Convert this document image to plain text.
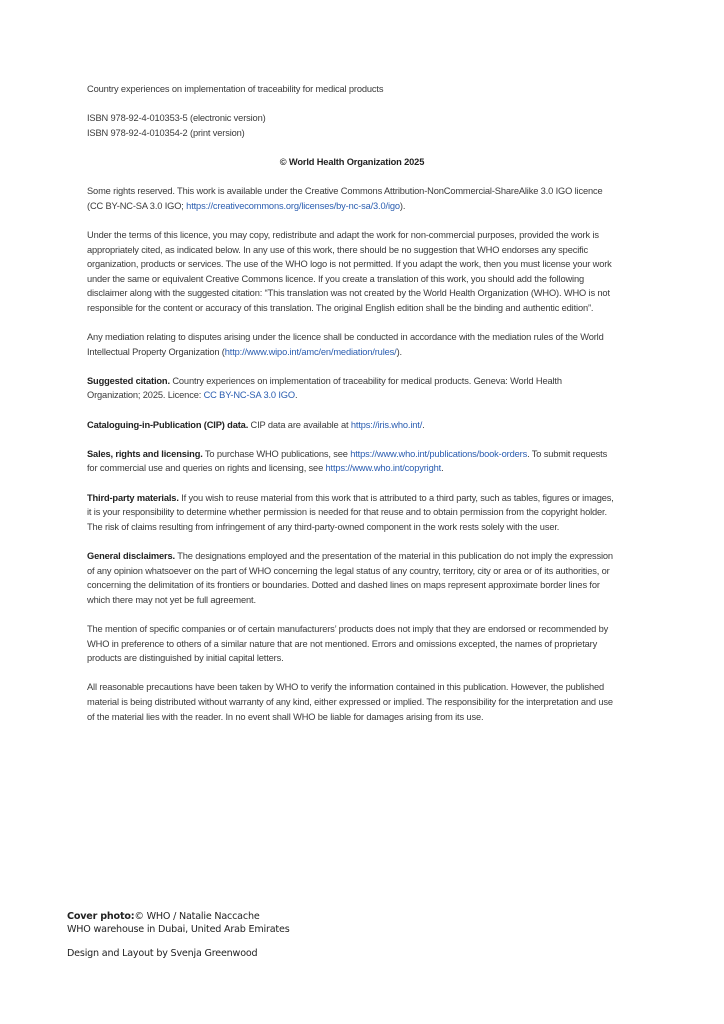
Country experiences on implementation of traceability for medical products

ISBN 978-92-4-010353-5 (electronic version)

ISBN 978-92-4-010354-2 (print version)

© World Health Organization 2025

Some rights reserved. This work is available under the Creative Commons Attribution-NonCommercial-ShareAlike 3.0 IGO licence (CC BY-NC-SA 3.0 IGO; https://creativecommons.org/licenses/by-nc-sa/3.0/igo).

Under the terms of this licence, you may copy, redistribute and adapt the work for non-commercial purposes, provided the work is appropriately cited, as indicated below. In any use of this work, there should be no suggestion that WHO endorses any specific organization, products or services. The use of the WHO logo is not permitted. If you adapt the work, then you must license your work under the same or equivalent Creative Commons licence. If you create a translation of this work, you should add the following disclaimer along with the suggested citation: “This translation was not created by the World Health Organization (WHO). WHO is not responsible for the content or accuracy of this translation. The original English edition shall be the binding and authentic edition”.

Any mediation relating to disputes arising under the licence shall be conducted in accordance with the mediation rules of the World Intellectual Property Organization (http://www.wipo.int/amc/en/mediation/rules/).

Suggested citation. Country experiences on implementation of traceability for medical products. Geneva: World Health Organization; 2025. Licence: CC BY-NC-SA 3.0 IGO.

Cataloguing-in-Publication (CIP) data. CIP data are available at https://iris.who.int/.

Sales, rights and licensing. To purchase WHO publications, see https://www.who.int/publications/book-orders. To submit requests for commercial use and queries on rights and licensing, see https://www.who.int/copyright.

Third-party materials. If you wish to reuse material from this work that is attributed to a third party, such as tables, figures or images, it is your responsibility to determine whether permission is needed for that reuse and to obtain permission from the copyright holder. The risk of claims resulting from infringement of any third-party-owned component in the work rests solely with the user.

General disclaimers. The designations employed and the presentation of the material in this publication do not imply the expression of any opinion whatsoever on the part of WHO concerning the legal status of any country, territory, city or area or of its authorities, or concerning the delimitation of its frontiers or boundaries. Dotted and dashed lines on maps represent approximate border lines for which there may not yet be full agreement.

The mention of specific companies or of certain manufacturers’ products does not imply that they are endorsed or recommended by WHO in preference to others of a similar nature that are not mentioned. Errors and omissions excepted, the names of proprietary products are distinguished by initial capital letters.

All reasonable precautions have been taken by WHO to verify the information contained in this publication. However, the published material is being distributed without warranty of any kind, either expressed or implied. The responsibility for the interpretation and use of the material lies with the reader. In no event shall WHO be liable for damages arising from its use.

Cover photo:© WHO / Natalie Naccache

WHO warehouse in Dubai, United Arab Emirates

Design and Layout by Svenja Greenwood
